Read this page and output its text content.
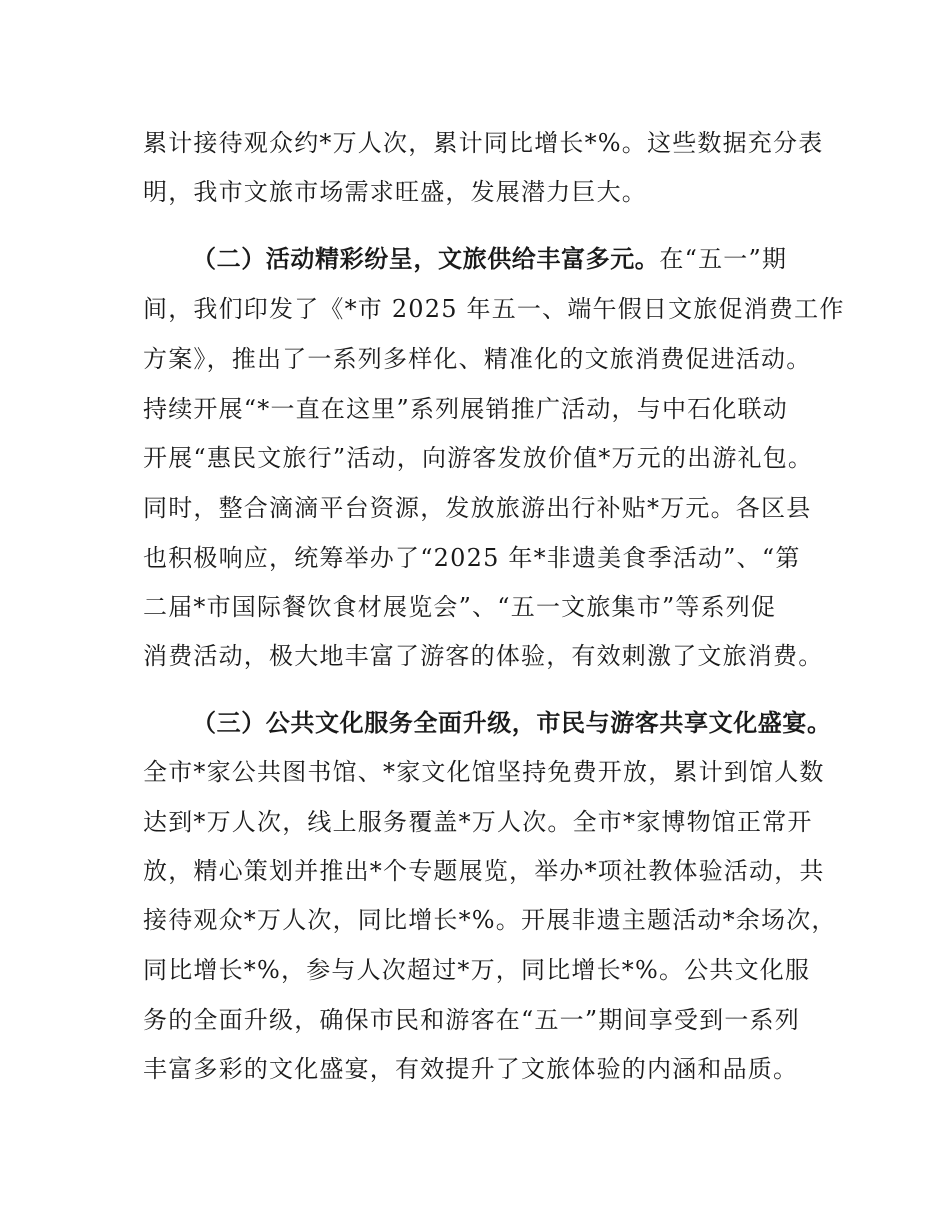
累计接待观众约*万人次，累计同比增长*%。这些数据充分表
明，我市文旅市场需求旺盛，发展潜力巨大。
（二）活动精彩纷呈，文旅供给丰富多元。在“五一”期
间，我们印发了《*市 2025 年五一、端午假日文旅促消费工作
方案》，推出了一系列多样化、精准化的文旅消费促进活动。
持续开展“*一直在这里”系列展销推广活动，与中石化联动
开展“惠民文旅行”活动，向游客发放价值*万元的出游礼包。
同时，整合滴滴平台资源，发放旅游出行补贴*万元。各区县
也积极响应，统筹举办了“2025 年*非遗美食季活动”、“第
二届*市国际餐饮食材展览会”、“五一文旅集市”等系列促
消费活动，极大地丰富了游客的体验，有效刺激了文旅消费。
（三）公共文化服务全面升级，市民与游客共享文化盛宴。
全市*家公共图书馆、*家文化馆坚持免费开放，累计到馆人数
达到*万人次，线上服务覆盖*万人次。全市*家博物馆正常开
放，精心策划并推出*个专题展览，举办*项社教体验活动，共
接待观众*万人次，同比增长*%。开展非遗主题活动*余场次，
同比增长*%，参与人次超过*万，同比增长*%。公共文化服
务的全面升级，确保市民和游客在“五一”期间享受到一系列
丰富多彩的文化盛宴，有效提升了文旅体验的内涵和品质。
